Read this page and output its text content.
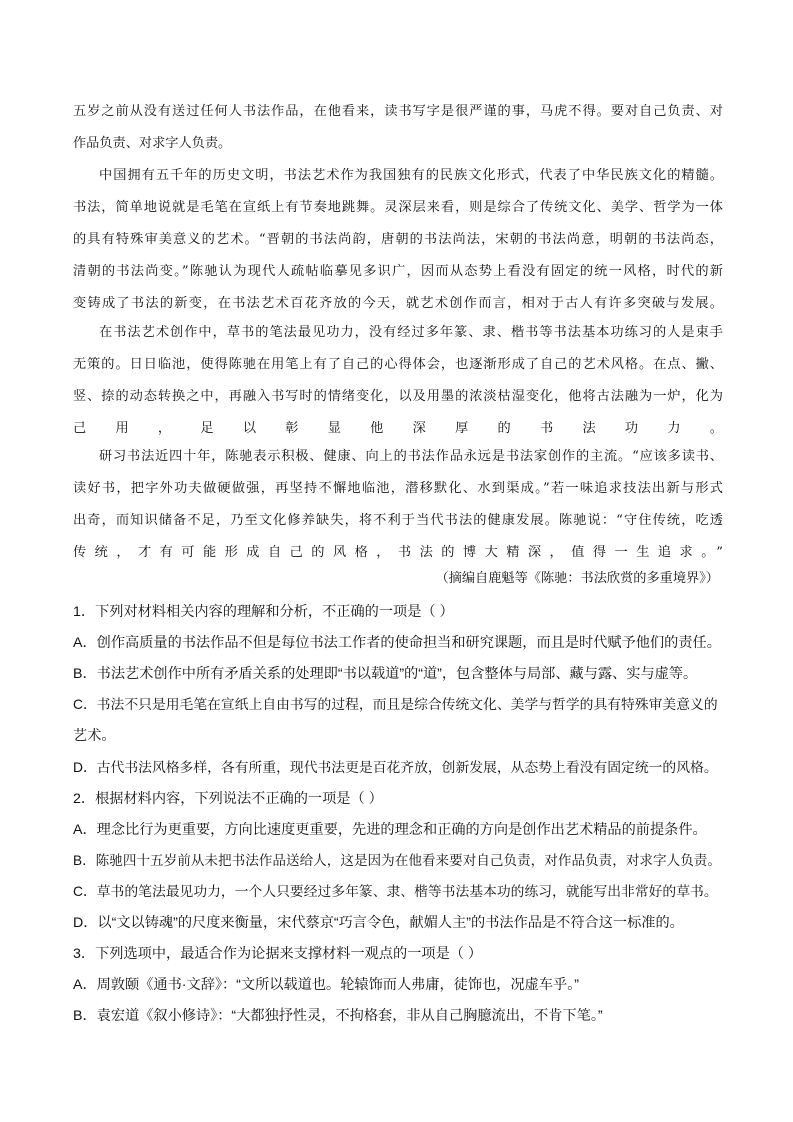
五岁之前从没有送过任何人书法作品，在他看来，读书写字是很严谨的事，马虎不得。要对自己负责、对
作品负责、对求字人负责。
中国拥有五千年的历史文明，书法艺术作为我国独有的民族文化形式，代表了中华民族文化的精髓。
书法，简单地说就是毛笔在宣纸上有节奏地跳舞。灵深层来看，则是综合了传统文化、美学、哲学为一体
的具有特殊审美意义的艺术。“晋朝的书法尚韵，唐朝的书法尚法，宋朝的书法尚意，明朝的书法尚态，
清朝的书法尚变。”陈驰认为现代人疏帖临摹见多识广，因而从态势上看没有固定的统一风格，时代的新
变铸成了书法的新变，在书法艺术百花齐放的今天，就艺术创作而言，相对于古人有许多突破与发展。
在书法艺术创作中，草书的笔法最见功力，没有经过多年篆、隶、楷书等书法基本功练习的人是束手
无策的。日日临池，使得陈驰在用笔上有了自己的心得体会，也逐渐形成了自己的艺术风格。在点、撇、
竖、捺的动态转换之中，再融入书写时的情绪变化，以及用墨的浓淡枯湿变化，他将古法融为一炉，化为
己用，足以彰显他深厚的书法功力。
研习书法近四十年，陈驰表示积极、健康、向上的书法作品永远是书法家创作的主流。“应该多读书、
读好书，把字外功夫做硬做强，再坚持不懈地临池，潜移默化、水到渠成。”若一味追求技法出新与形式
出奇，而知识储备不足，乃至文化修养缺失，将不利于当代书法的健康发展。陈驰说：“守住传统，吃透
传统，才有可能形成自己的风格，书法的博大精深，值得一生追求。”
（摘编自鹿魁等《陈驰：书法欣赏的多重境界》）
1．下列对材料相关内容的理解和分析，不正确的一项是（ ）
A．创作高质量的书法作品不但是每位书法工作者的使命担当和研究课题，而且是时代赋予他们的责任。
B．书法艺术创作中所有矛盾关系的处理即“书以载道”的“道”，包含整体与局部、藏与露、实与虚等。
C．书法不只是用毛笔在宣纸上自由书写的过程，而且是综合传统文化、美学与哲学的具有特殊审美意义的
艺术。
D．古代书法风格多样，各有所重，现代书法更是百花齐放，创新发展，从态势上看没有固定统一的风格。
2．根据材料内容，下列说法不正确的一项是（ ）
A．理念比行为更重要，方向比速度更重要，先进的理念和正确的方向是创作出艺术精品的前提条件。
B．陈驰四十五岁前从未把书法作品送给人，这是因为在他看来要对自己负责，对作品负责，对求字人负责。
C．草书的笔法最见功力，一个人只要经过多年篆、隶、楷等书法基本功的练习，就能写出非常好的草书。
D．以“文以铸魂”的尺度来衡量，宋代蔡京“巧言令色，献媚人主”的书法作品是不符合这一标准的。
3．下列选项中，最适合作为论据来支撑材料一观点的一项是（ ）
A．周敦颐《通书·文辞》：“文所以载道也。轮辕饰而人弗庸，徒饰也，况虚车乎。”
B．袁宏道《叙小修诗》：“大都独抒性灵，不拘格套，非从自己胸臆流出，不肯下笔。”
